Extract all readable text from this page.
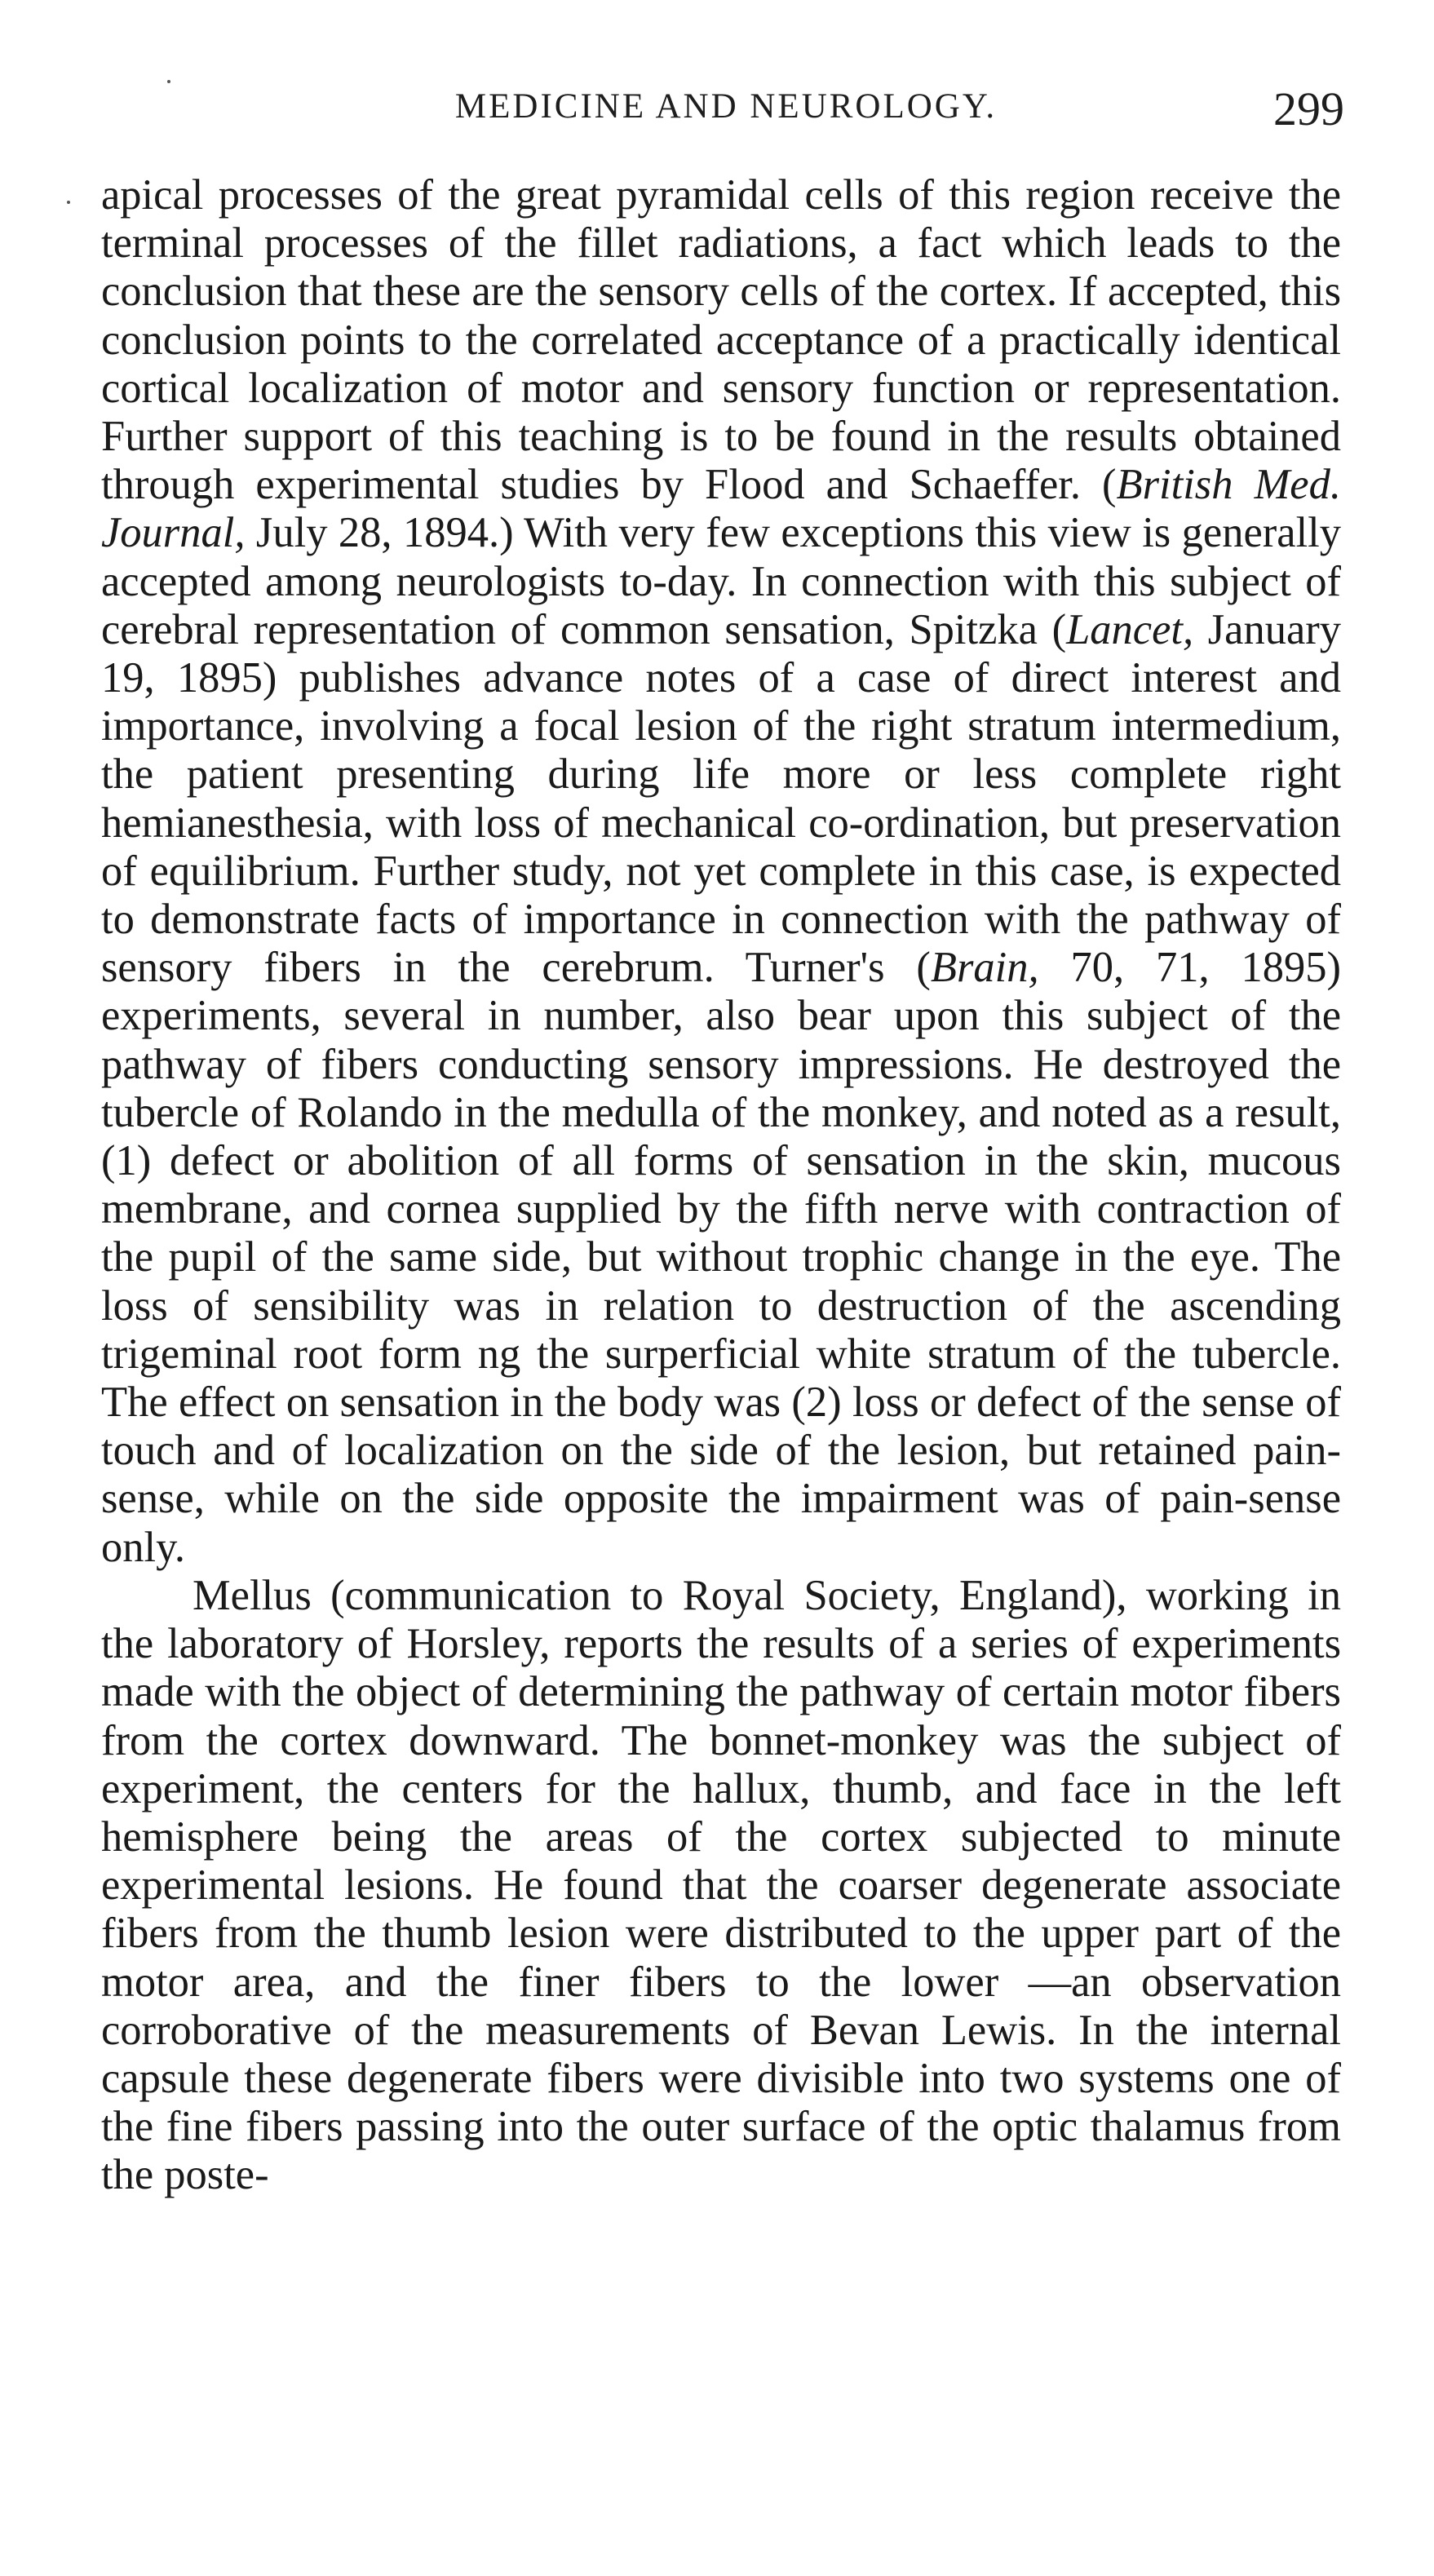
MEDICINE AND NEUROLOGY.	299

apical processes of the great pyramidal cells of this region receive the terminal processes of the fillet radiations, a fact which leads to the conclusion that these are the sensory cells of the cortex. If accepted, this conclusion points to the correlated acceptance of a practically identical cortical localization of motor and sensory function or representation. Further support of this teaching is to be found in the results obtained through experimental studies by Flood and Schaeffer. (British Med. Journal, July 28, 1894.) With very few exceptions this view is generally accepted among neurologists to-day. In connection with this subject of cerebral representation of common sensation, Spitzka (Lancet, January 19, 1895) publishes advance notes of a case of direct interest and importance, involving a focal lesion of the right stratum intermedium, the patient presenting during life more or less complete right hemianesthesia, with loss of mechanical co-ordination, but preservation of equilibrium. Further study, not yet complete in this case, is expected to demonstrate facts of importance in connection with the pathway of sensory fibers in the cerebrum. Turner's (Brain, 70, 71, 1895) experiments, several in number, also bear upon this subject of the pathway of fibers conducting sensory impressions. He destroyed the tubercle of Rolando in the medulla of the monkey, and noted as a result, (1) defect or abolition of all forms of sensation in the skin, mucous membrane, and cornea supplied by the fifth nerve with contraction of the pupil of the same side, but without trophic change in the eye. The loss of sensibility was in relation to destruction of the ascending trigeminal root form ng the surperficial white stratum of the tubercle. The effect on sensation in the body was (2) loss or defect of the sense of touch and of localization on the side of the lesion, but retained pain-sense, while on the side opposite the impairment was of pain-sense only.

Mellus (communication to Royal Society, England), working in the laboratory of Horsley, reports the results of a series of experiments made with the object of determining the pathway of certain motor fibers from the cortex downward. The bonnet-monkey was the subject of experiment, the centers for the hallux, thumb, and face in the left hemisphere being the areas of the cortex subjected to minute experimental lesions. He found that the coarser degenerate associate fibers from the thumb lesion were distributed to the upper part of the motor area, and the finer fibers to the lower —an observation corroborative of the measurements of Bevan Lewis. In the internal capsule these degenerate fibers were divisible into two systems one of the fine fibers passing into the outer surface of the optic thalamus from the poste-
